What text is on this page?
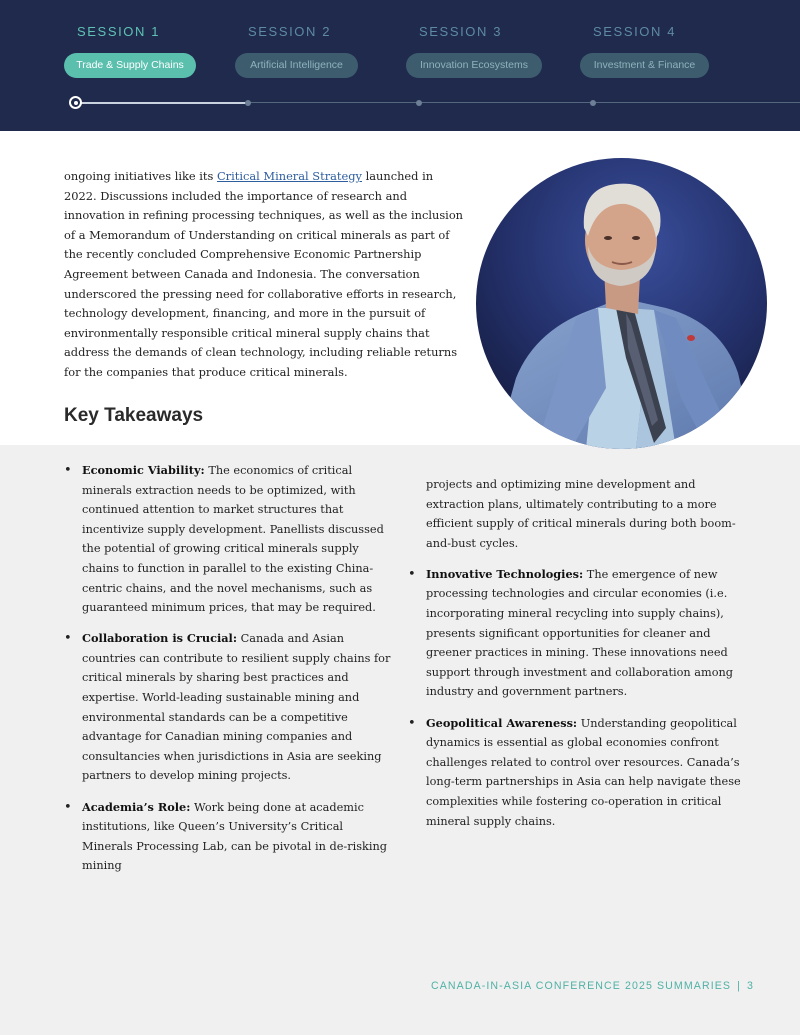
SESSION 1
Trade & Supply Chains
SESSION 2
Artificial Intelligence
SESSION 3
Innovation Ecosystems
SESSION 4
Investment & Finance

ongoing initiatives like its Critical Mineral Strategy launched in 2022. Discussions included the importance of research and innovation in refining processing techniques, as well as the inclusion of a Memorandum of Understanding on critical minerals as part of the recently concluded Comprehensive Economic Partnership Agreement between Canada and Indonesia. The conversation underscored the pressing need for collaborative efforts in research, technology development, financing, and more in the pursuit of environmentally responsible critical mineral supply chains that address the demands of clean technology, including reliable returns for the companies that produce critical minerals.

Key Takeaways
• Economic Viability: The economics of critical minerals extraction needs to be optimized, with continued attention to market structures that incentivize supply development. Panellists discussed the potential of growing critical minerals supply chains to function in parallel to the existing China-centric chains, and the novel mechanisms, such as guaranteed minimum prices, that may be required.
• Collaboration is Crucial: Canada and Asian countries can contribute to resilient supply chains for critical minerals by sharing best practices and expertise. World-leading sustainable mining and environmental standards can be a competitive advantage for Canadian mining companies and consultancies when jurisdictions in Asia are seeking partners to develop mining projects.
• Academia’s Role: Work being done at academic institutions, like Queen’s University’s Critical Minerals Processing Lab, can be pivotal in de-risking mining

projects and optimizing mine development and extraction plans, ultimately contributing to a more efficient supply of critical minerals during both boom-and-bust cycles.

• Innovative Technologies: The emergence of new processing technologies and circular economies (i.e. incorporating mineral recycling into supply chains), presents significant opportunities for cleaner and greener practices in mining. These innovations need support through investment and collaboration among industry and government partners.
• Geopolitical Awareness: Understanding geopolitical dynamics is essential as global economies confront challenges related to control over resources. Canada’s long-term partnerships in Asia can help navigate these complexities while fostering co-operation in critical mineral supply chains.
CANADA-IN-ASIA CONFERENCE 2025 SUMMARIES | 3
